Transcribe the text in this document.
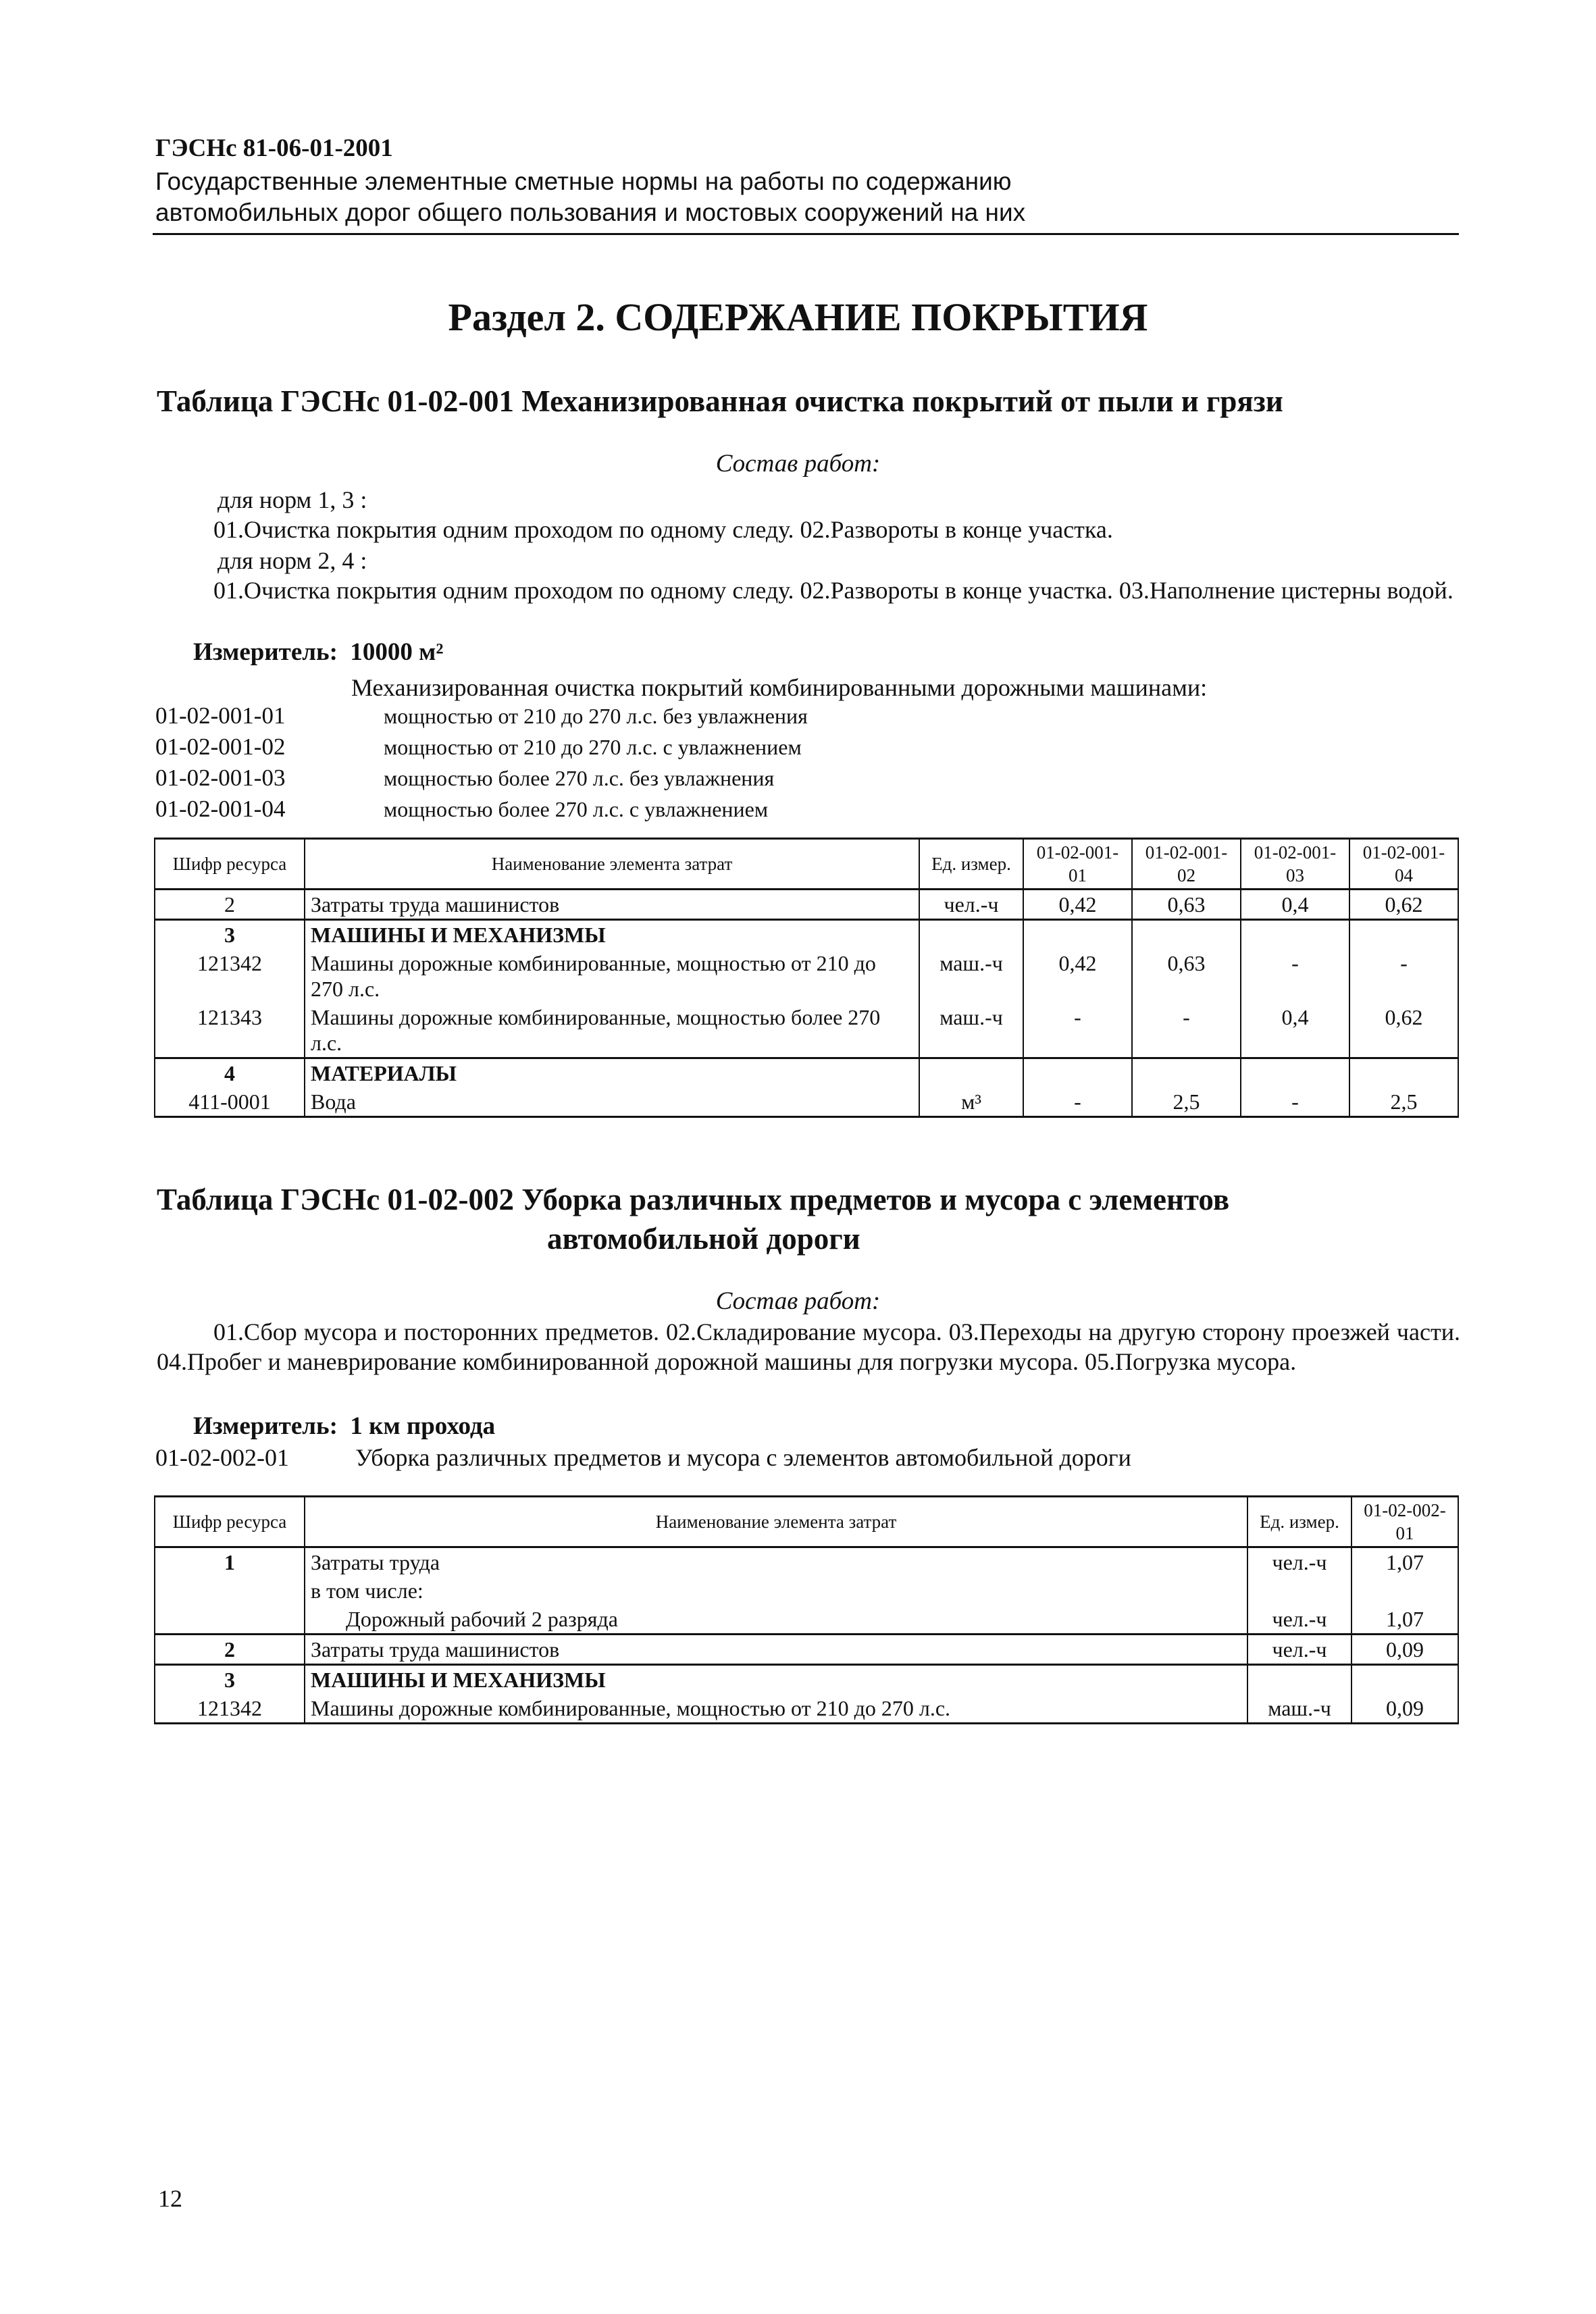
ГЭСНс 81-06-01-2001
Государственные элементные сметные нормы на работы по содержанию
автомобильных дорог общего пользования и мостовых сооружений на них
Раздел 2. СОДЕРЖАНИЕ ПОКРЫТИЯ
Таблица ГЭСНс 01-02-001 Механизированная очистка покрытий от пыли и грязи
Состав работ:
для норм 1, 3 :
01.Очистка покрытия одним проходом по одному следу. 02.Развороты в конце участка.
для норм 2, 4 :
01.Очистка покрытия одним проходом по одному следу. 02.Развороты в конце участка. 03.Наполнение цистерны водой.
Измеритель: 10000 м²
Механизированная очистка покрытий комбинированными дорожными машинами:
01-02-001-01	мощностью от 210 до 270 л.с. без увлажнения
01-02-001-02	мощностью от 210 до 270 л.с. с увлажнением
01-02-001-03	мощностью более 270 л.с. без увлажнения
01-02-001-04	мощностью более 270 л.с. с увлажнением
Шифр ресурса	Наименование элемента затрат	Ед. измер.	01-02-001-01	01-02-001-02	01-02-001-03	01-02-001-04
2	Затраты труда машинистов	чел.-ч	0,42	0,63	0,4	0,62
3	МАШИНЫ И МЕХАНИЗМЫ					
121342	Машины дорожные комбинированные, мощностью от 210 до 270 л.с.	маш.-ч	0,42	0,63	-	-
121343	Машины дорожные комбинированные, мощностью более 270 л.с.	маш.-ч	-	-	0,4	0,62
4	МАТЕРИАЛЫ					
411-0001	Вода	м³	-	2,5	-	2,5
Таблица ГЭСНс 01-02-002 Уборка различных предметов и мусора с элементов
автомобильной дороги
Состав работ:
01.Сбор мусора и посторонних предметов. 02.Складирование мусора. 03.Переходы на другую сторону проезжей части. 04.Пробег и маневрирование комбинированной дорожной машины для погрузки мусора. 05.Погрузка мусора.
Измеритель: 1 км прохода
01-02-002-01	Уборка различных предметов и мусора с элементов автомобильной дороги
Шифр ресурса	Наименование элемента затрат	Ед. измер.	01-02-002-01
1	Затраты труда	чел.-ч	1,07
	в том числе:		
	Дорожный рабочий 2 разряда	чел.-ч	1,07
2	Затраты труда машинистов	чел.-ч	0,09
3	МАШИНЫ И МЕХАНИЗМЫ		
121342	Машины дорожные комбинированные, мощностью от 210 до 270 л.с.	маш.-ч	0,09
12
